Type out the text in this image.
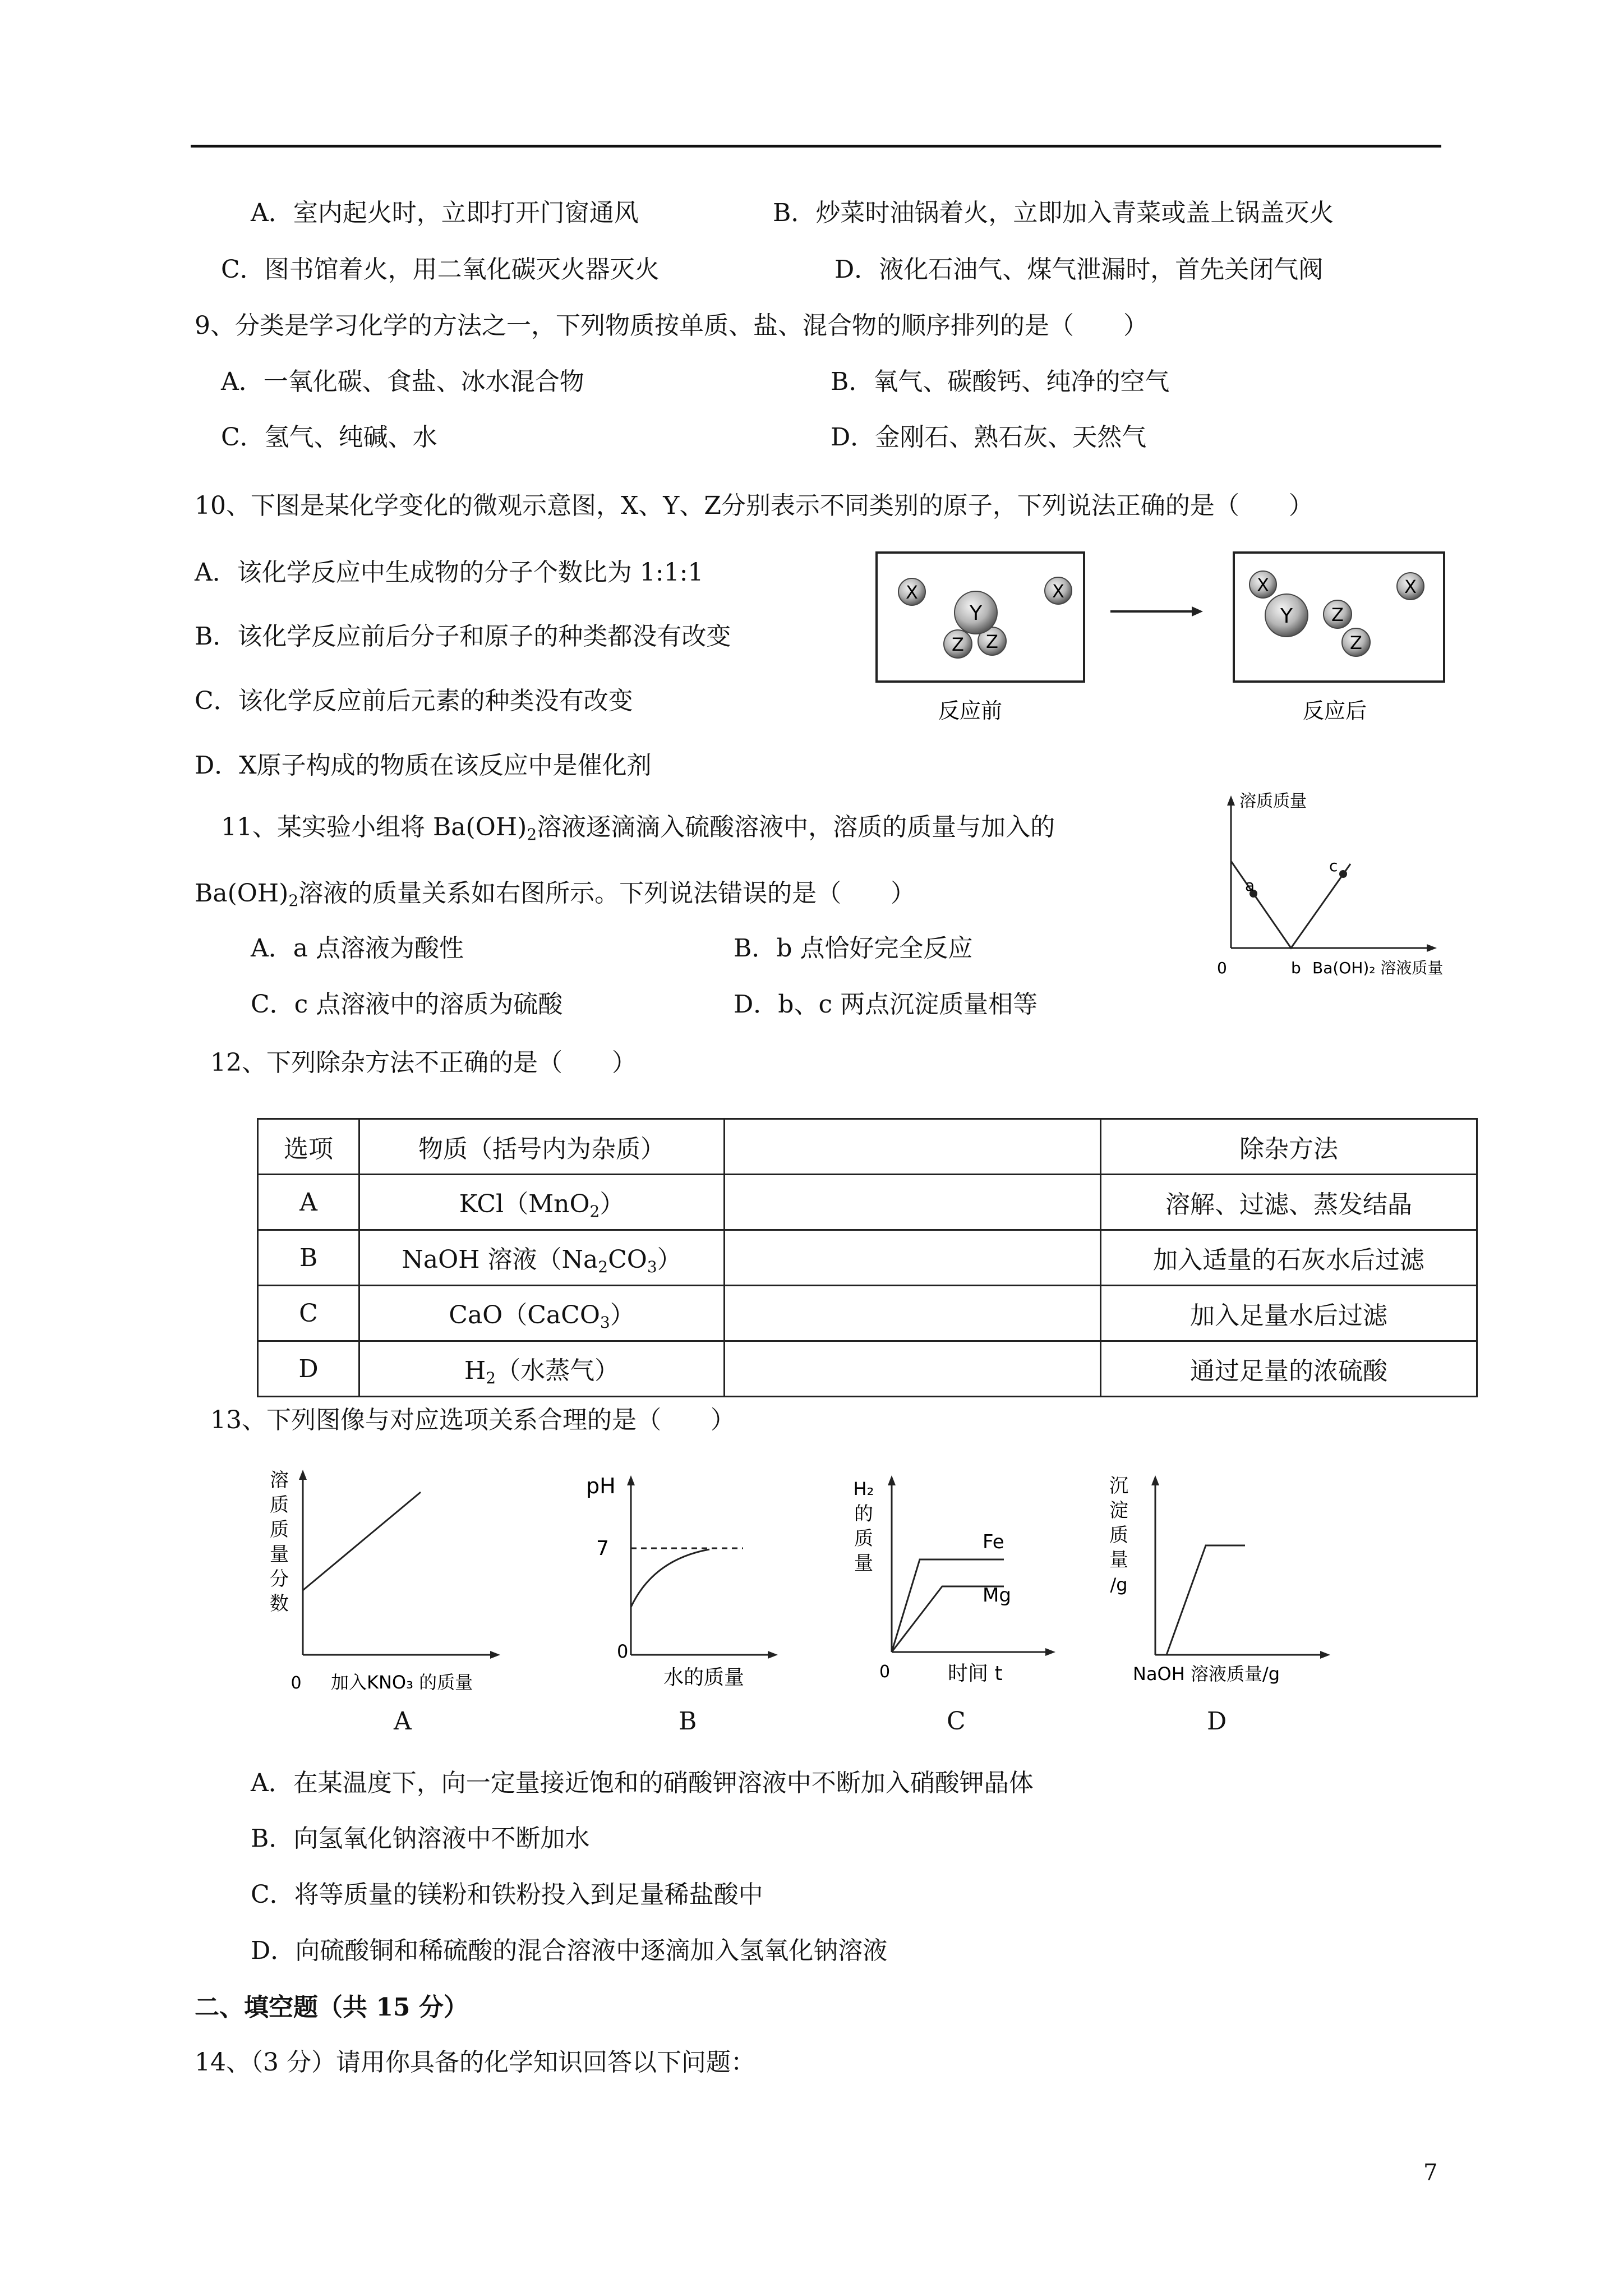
A．室内起火时，立即打开门窗通风	B．炒菜时油锅着火，立即加入青菜或盖上锅盖灭火
C．图书馆着火，用二氧化碳灭火器灭火	D．液化石油气、煤气泄漏时，首先关闭气阀
9、分类是学习化学的方法之一，下列物质按单质、盐、混合物的顺序排列的是（　　）
A．一氧化碳、食盐、冰水混合物	B．氧气、碳酸钙、纯净的空气
C．氢气、纯碱、水	D．金刚石、熟石灰、天然气
10、下图是某化学变化的微观示意图，X、Y、Z分别表示不同类别的原子，下列说法正确的是（　　）
A．该化学反应中生成物的分子个数比为 1:1:1
B．该化学反应前后分子和原子的种类都没有改变
C．该化学反应前后元素的种类没有改变
D．X原子构成的物质在该反应中是催化剂
X	X
Z Z
Y
X
Y Z
Z
X
反应前	反应后
11、某实验小组将 $Ba(OH)_2$溶液逐滴滴入硫酸溶液中，溶质的质量与加入的
$Ba(OH)_2$溶液的质量关系如右图所示。下列说法错误的是（　　）
A．a 点溶液为酸性	B．b 点恰好完全反应
C．c 点溶液中的溶质为硫酸	D．b、c 两点沉淀质量相等
溶质质量
a
c
0	b Ba(OH)₂ 溶液质量
12、下列除杂方法不正确的是（　　）
选项	物质（括号内为杂质）		除杂方法
A	KCl（MnO$_2$）		溶解、过滤、蒸发结晶
B	NaOH 溶液$(Na_2CO_3)$		加入适量的石灰水后过滤
C	CaO（CaCO$_3$）		加入足量水后过滤
D	$H_2$（水蒸气）		通过足量的浓硫酸
13、下列图像与对应选项关系合理的是（　　）
溶
质
质
量
分
数
0 加入KNO₃ 的质量
A
pH
7
0
水的质量
B
H₂
的
质
量
Fe
Mg
0	时间 t
C
沉
淀
质
量
/g
NaOH 溶液质量/g
D
A．在某温度下，向一定量接近饱和的硝酸钾溶液中不断加入硝酸钾晶体
B．向氢氧化钠溶液中不断加水
C．将等质量的镁粉和铁粉投入到足量稀盐酸中
D．向硫酸铜和稀硫酸的混合溶液中逐滴加入氢氧化钠溶液
二、填空题（共 15 分）
14、（3 分）请用你具备的化学知识回答以下问题：
7
